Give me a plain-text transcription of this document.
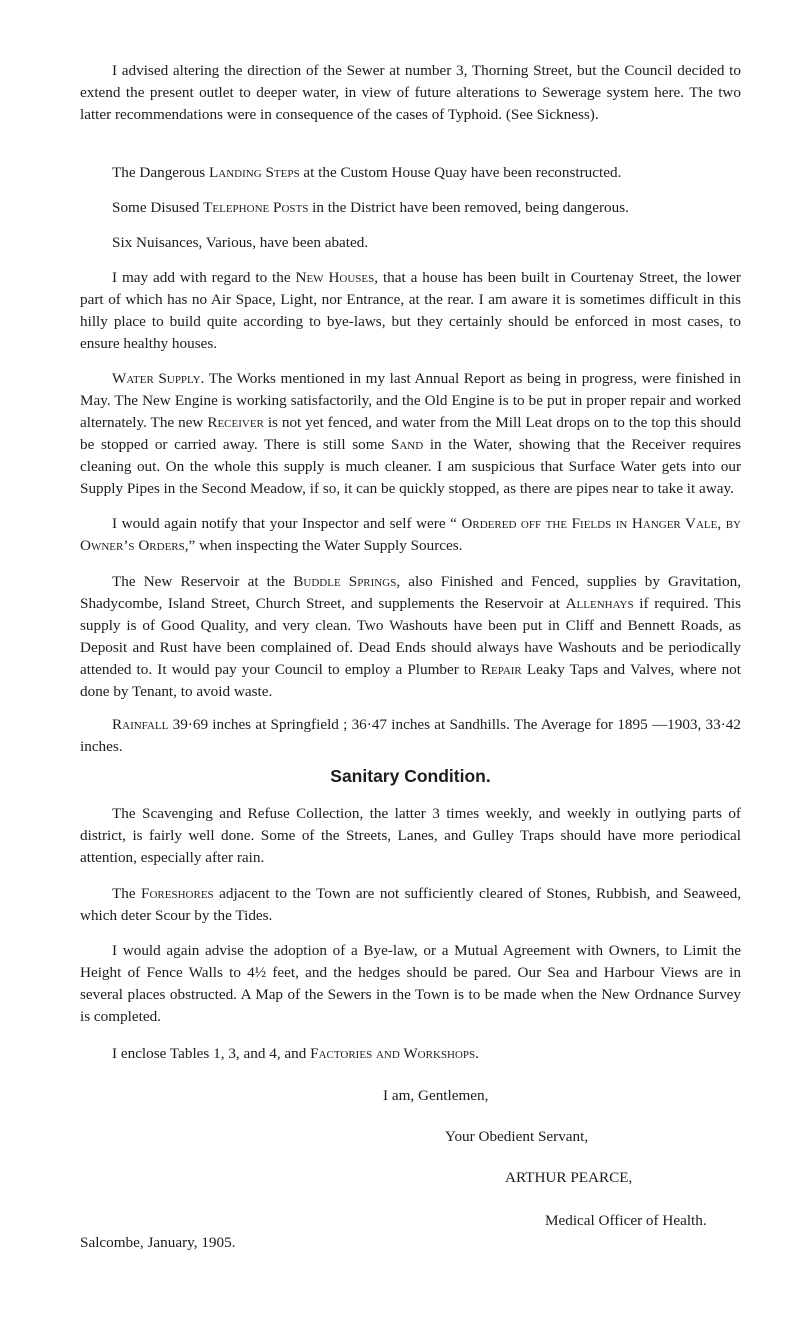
I advised altering the direction of the Sewer at number 3, Thorning Street, but the Council decided to extend the present outlet to deeper water, in view of future alterations to Sewerage system here. The two latter recommendations were in consequence of the cases of Typhoid. (See Sickness).

The Dangerous Landing Steps at the Custom House Quay have been reconstructed.

Some Disused Telephone Posts in the District have been removed, being dangerous.

Six Nuisances, Various, have been abated.

I may add with regard to the New Houses, that a house has been built in Courtenay Street, the lower part of which has no Air Space, Light, nor Entrance, at the rear. I am aware it is sometimes difficult in this hilly place to build quite according to bye-laws, but they certainly should be enforced in most cases, to ensure healthy houses.

Water Supply. The Works mentioned in my last Annual Report as being in progress, were finished in May. The New Engine is working satisfactorily, and the Old Engine is to be put in proper repair and worked alternately. The new Receiver is not yet fenced, and water from the Mill Leat drops on to the top this should be stopped or carried away. There is still some Sand in the Water, showing that the Receiver requires cleaning out. On the whole this supply is much cleaner. I am suspicious that Surface Water gets into our Supply Pipes in the Second Meadow, if so, it can be quickly stopped, as there are pipes near to take it away.

I would again notify that your Inspector and self were “ Ordered off the Fields in Hanger Vale, by Owner’s Orders,” when inspecting the Water Supply Sources.

The New Reservoir at the Buddle Springs, also Finished and Fenced, supplies by Gravitation, Shadycombe, Island Street, Church Street, and supplements the Reservoir at Allenhays if required. This supply is of Good Quality, and very clean. Two Washouts have been put in Cliff and Bennett Roads, as Deposit and Rust have been complained of. Dead Ends should always have Washouts and be periodically attended to. It would pay your Council to employ a Plumber to Repair Leaky Taps and Valves, where not done by Tenant, to avoid waste.

Rainfall 39·69 inches at Springfield ; 36·47 inches at Sandhills. The Average for 1895 —1903, 33·42 inches.

Sanitary Condition.

The Scavenging and Refuse Collection, the latter 3 times weekly, and weekly in outlying parts of district, is fairly well done. Some of the Streets, Lanes, and Gulley Traps should have more periodical attention, especially after rain.

The Foreshores adjacent to the Town are not sufficiently cleared of Stones, Rubbish, and Seaweed, which deter Scour by the Tides.

I would again advise the adoption of a Bye-law, or a Mutual Agreement with Owners, to Limit the Height of Fence Walls to 4½ feet, and the hedges should be pared. Our Sea and Harbour Views are in several places obstructed. A Map of the Sewers in the Town is to be made when the New Ordnance Survey is completed.

I enclose Tables 1, 3, and 4, and Factories and Workshops.

I am, Gentlemen,
Your Obedient Servant,
ARTHUR PEARCE,
Medical Officer of Health.
Salcombe, January, 1905.
